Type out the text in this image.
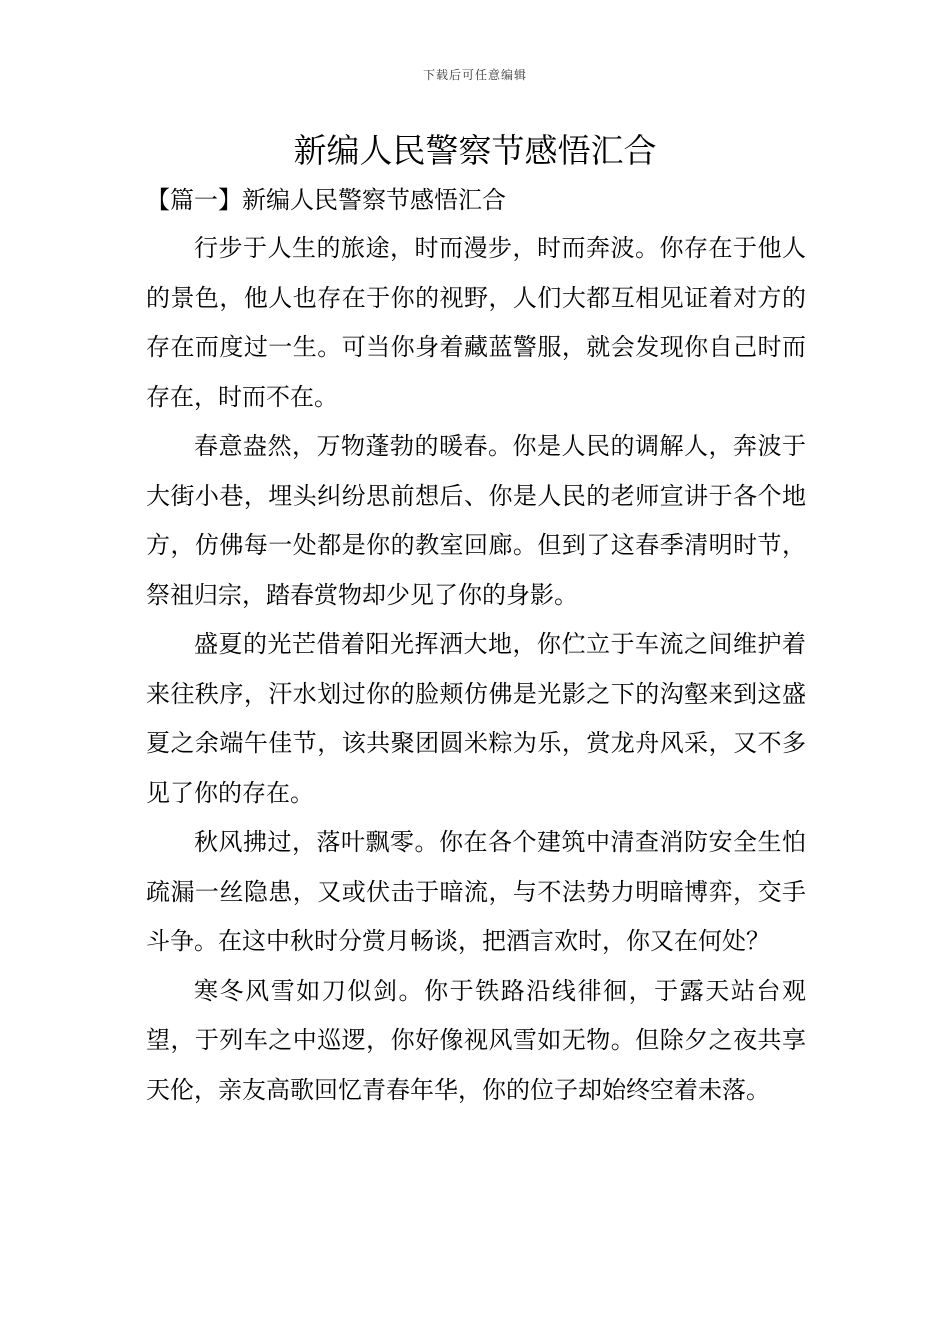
下载后可任意编辑
新编人民警察节感悟汇合
【篇一】新编人民警察节感悟汇合

行步于人生的旅途，时而漫步，时而奔波。你存在于他人的景色，他人也存在于你的视野，人们大都互相见证着对方的存在而度过一生。可当你身着藏蓝警服，就会发现你自己时而存在，时而不在。

春意盎然，万物蓬勃的暖春。你是人民的调解人，奔波于大街小巷，埋头纠纷思前想后、你是人民的老师宣讲于各个地方，仿佛每一处都是你的教室回廊。但到了这春季清明时节，祭祖归宗，踏春赏物却少见了你的身影。

盛夏的光芒借着阳光挥洒大地，你伫立于车流之间维护着来往秩序，汗水划过你的脸颊仿佛是光影之下的沟壑来到这盛夏之余端午佳节，该共聚团圆米粽为乐，赏龙舟风采，又不多见了你的存在。

秋风拂过，落叶飘零。你在各个建筑中清查消防安全生怕疏漏一丝隐患，又或伏击于暗流，与不法势力明暗博弈，交手斗争。在这中秋时分赏月畅谈，把酒言欢时，你又在何处？

寒冬风雪如刀似剑。你于铁路沿线徘徊，于露天站台观望，于列车之中巡逻，你好像视风雪如无物。但除夕之夜共享天伦，亲友高歌回忆青春年华，你的位子却始终空着未落。
